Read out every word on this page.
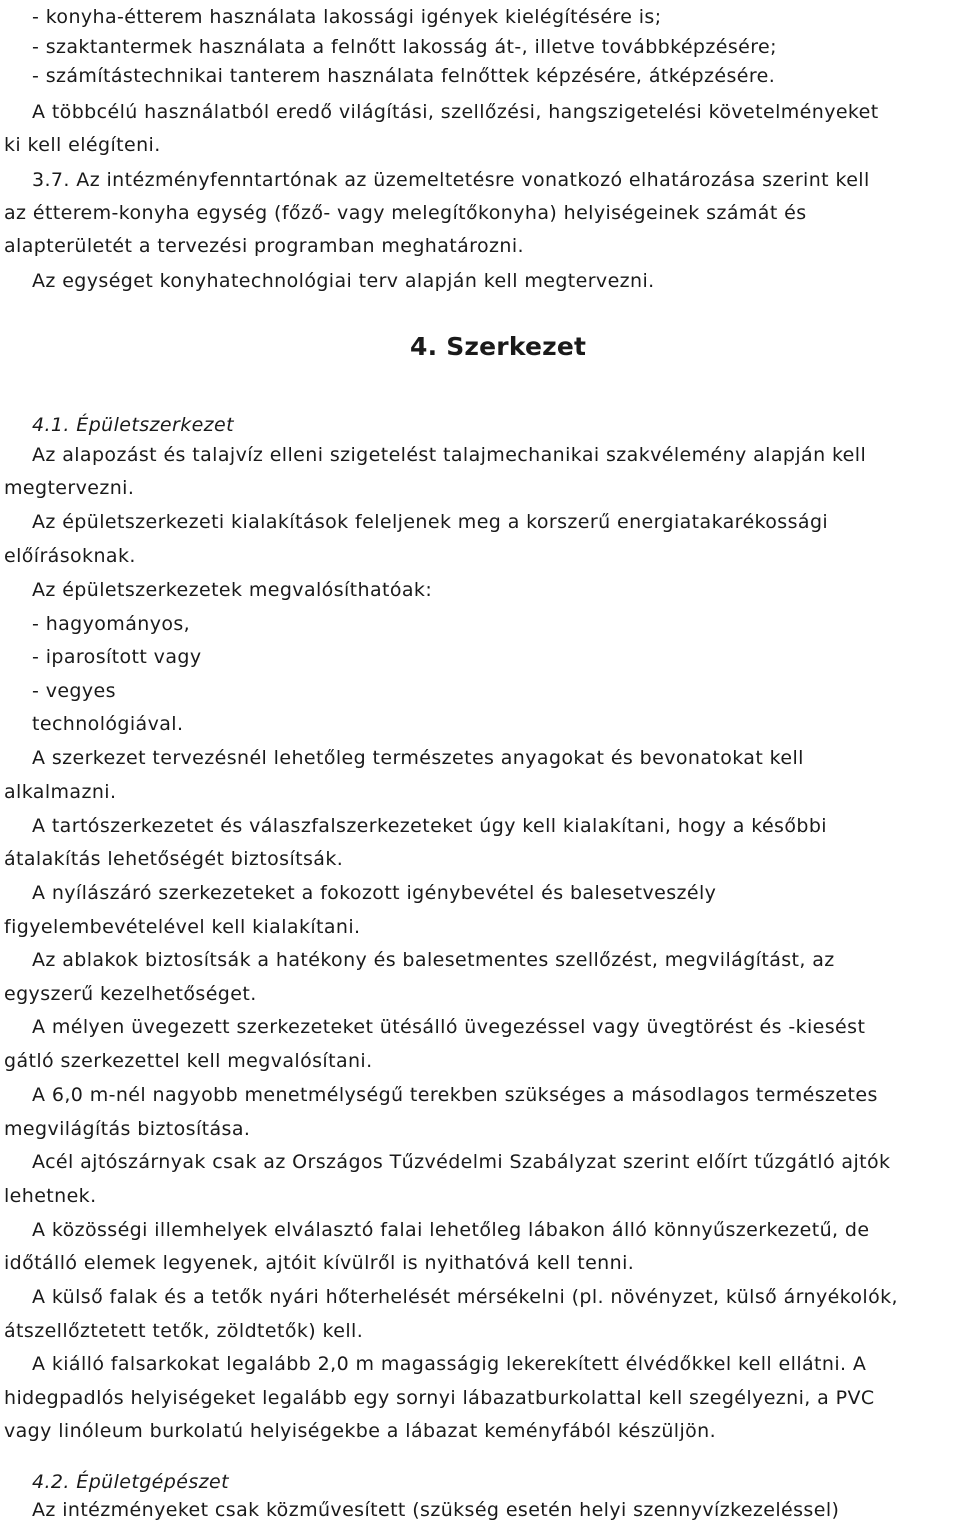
- konyha-étterem használata lakossági igények kielégítésére is;
- szaktantermek használata a felnőtt lakosság át-, illetve továbbképzésére;
- számítástechnikai tanterem használata felnőttek képzésére, átképzésére.
A többcélú használatból eredő világítási, szellőzési, hangszigetelési követelményeket
ki kell elégíteni.
3.7. Az intézményfenntartónak az üzemeltetésre vonatkozó elhatározása szerint kell
az étterem-konyha egység (főző- vagy melegítőkonyha) helyiségeinek számát és
alapterületét a tervezési programban meghatározni.
Az egységet konyhatechnológiai terv alapján kell megtervezni.
4. Szerkezet
4.1. Épületszerkezet
Az alapozást és talajvíz elleni szigetelést talajmechanikai szakvélemény alapján kell
megtervezni.
Az épületszerkezeti kialakítások feleljenek meg a korszerű energiatakarékossági
előírásoknak.
Az épületszerkezetek megvalósíthatóak:
- hagyományos,
- iparosított vagy
- vegyes
technológiával.
A szerkezet tervezésnél lehetőleg természetes anyagokat és bevonatokat kell
alkalmazni.
A tartószerkezetet és válaszfalszerkezeteket úgy kell kialakítani, hogy a későbbi
átalakítás lehetőségét biztosítsák.
A nyílászáró szerkezeteket a fokozott igénybevétel és balesetveszély
figyelembevételével kell kialakítani.
Az ablakok biztosítsák a hatékony és balesetmentes szellőzést, megvilágítást, az
egyszerű kezelhetőséget.
A mélyen üvegezett szerkezeteket ütésálló üvegezéssel vagy üvegtörést és -kiesést
gátló szerkezettel kell megvalósítani.
A 6,0 m-nél nagyobb menetmélységű terekben szükséges a másodlagos természetes
megvilágítás biztosítása.
Acél ajtószárnyak csak az Országos Tűzvédelmi Szabályzat szerint előírt tűzgátló ajtók
lehetnek.
A közösségi illemhelyek elválasztó falai lehetőleg lábakon álló könnyűszerkezetű, de
időtálló elemek legyenek, ajtóit kívülről is nyithatóvá kell tenni.
A külső falak és a tetők nyári hőterhelését mérsékelni (pl. növényzet, külső árnyékolók,
átszellőztetett tetők, zöldtetők) kell.
A kiálló falsarkokat legalább 2,0 m magasságig lekerekített élvédőkkel kell ellátni. A
hidegpadlós helyiségeket legalább egy sornyi lábazatburkolattal kell szegélyezni, a PVC
vagy linóleum burkolatú helyiségekbe a lábazat keményfából készüljön.
4.2. Épületgépészet
Az intézményeket csak közművesített (szükség esetén helyi szennyvízkezeléssel)
